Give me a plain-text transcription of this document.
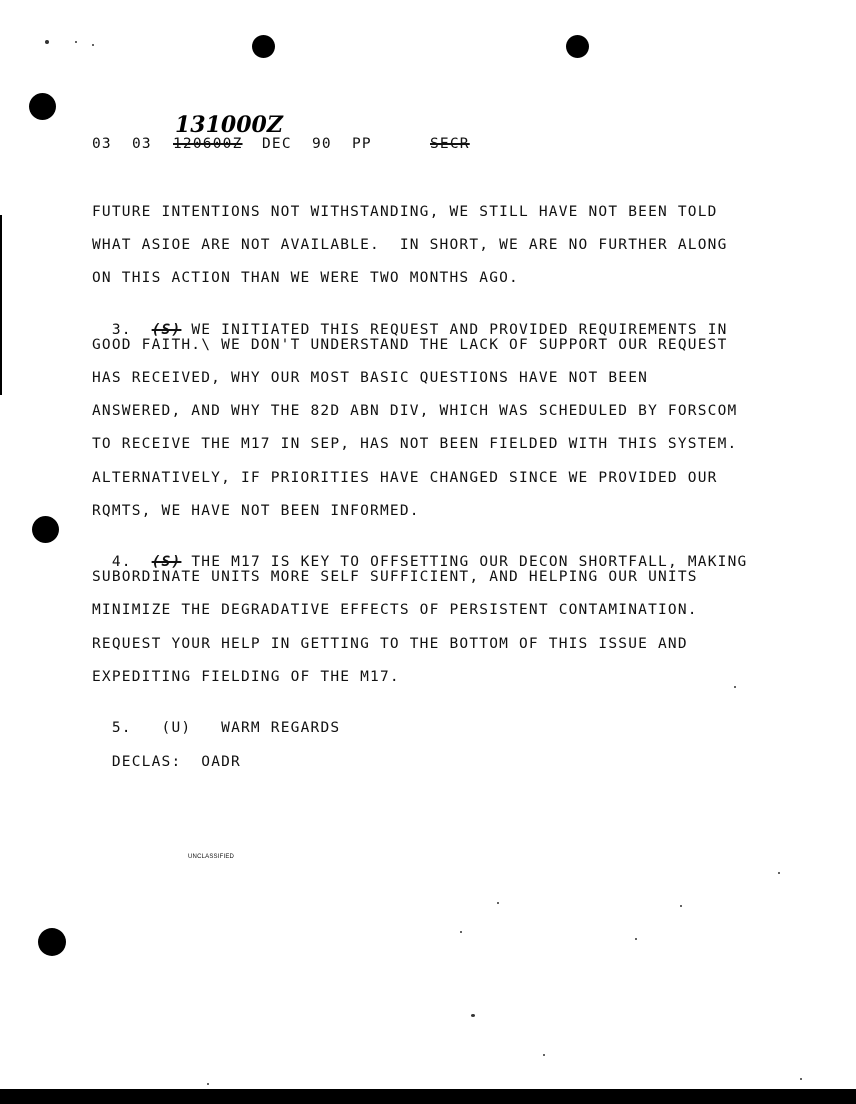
131000Z
03 03 120600Z DEC 90 PP	SECR
FUTURE INTENTIONS NOT WITHSTANDING, WE STILL HAVE NOT BEEN TOLD
WHAT ASIOE ARE NOT AVAILABLE.  IN SHORT, WE ARE NO FURTHER ALONG
ON THIS ACTION THAN WE WERE TWO MONTHS AGO.

3. (S) WE INITIATED THIS REQUEST AND PROVIDED REQUIREMENTS IN

GOOD FAITH.\ WE DON'T UNDERSTAND THE LACK OF SUPPORT OUR REQUEST
HAS RECEIVED, WHY OUR MOST BASIC QUESTIONS HAVE NOT BEEN
ANSWERED, AND WHY THE 82D ABN DIV, WHICH WAS SCHEDULED BY FORSCOM
TO RECEIVE THE M17 IN SEP, HAS NOT BEEN FIELDED WITH THIS SYSTEM.
ALTERNATIVELY, IF PRIORITIES HAVE CHANGED SINCE WE PROVIDED OUR
RQMTS, WE HAVE NOT BEEN INFORMED.

4. (S) THE M17 IS KEY TO OFFSETTING OUR DECON SHORTFALL, MAKING

SUBORDINATE UNITS MORE SELF SUFFICIENT, AND HELPING OUR UNITS
MINIMIZE THE DEGRADATIVE EFFECTS OF PERSISTENT CONTAMINATION.
REQUEST YOUR HELP IN GETTING TO THE BOTTOM OF THIS ISSUE AND
EXPEDITING FIELDING OF THE M17.

5. (U) WARM REGARDS

DECLAS: OADR

UNCLASSIFIED
